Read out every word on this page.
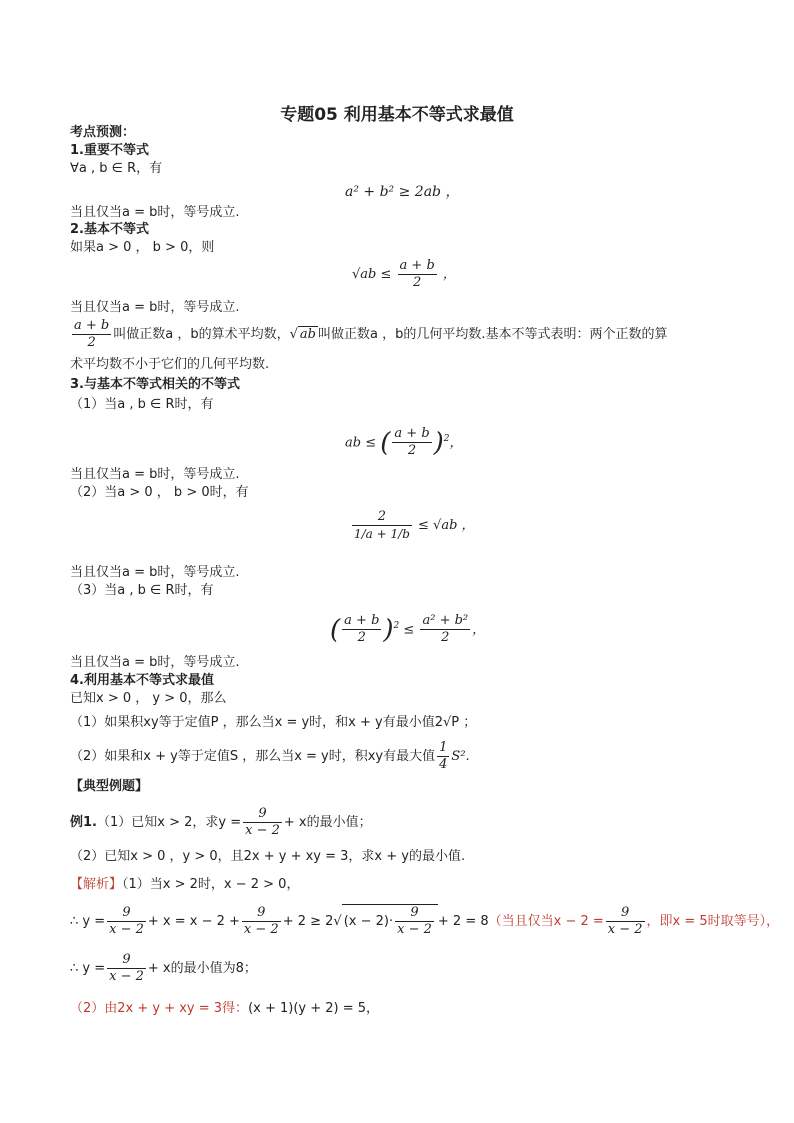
专题05 利用基本不等式求最值
考点预测：
1.重要不等式
∀a , b ∈ R，有
a² + b² ≥ 2ab ，
当且仅当a = b时，等号成立.
2.基本不等式
如果a > 0 ， b > 0，则
$√ab \le \frac{a + b}{2}$ ，
当且仅当a = b时，等号成立.
$\frac{a + b}{2}$ 叫做正数a ，b的算术平均数，√ ab 叫做正数a ，b的几何平均数.基本不等式表明：两个正数的算
术平均数不小于它们的几何平均数.
3.与基本不等式相关的不等式
（1）当a , b ∈ R时，有
ab ≤ ( $\frac{a + b}{2} )^2$，
当且仅当a = b时，等号成立.
（2）当a > 0 ， b > 0时，有
$\frac{2}{1/a + 1/b} \le √ab$ ，
当且仅当a = b时，等号成立.
（3）当a , b ∈ R时，有
( $\frac{a + b}{2} )^2 \le \frac{\text{a² + b²}}{2}$ ，
当且仅当a = b时，等号成立.
4.利用基本不等式求最值
已知x > 0 ， y > 0，那么
（1）如果积xy等于定值P ，那么当x = y时，和x + y有最小值2√P ；
（2）如果和x + y等于定值S ，那么当x = y时，积xy有最大值 $\frac{1}{4} S^2$.
【典型例题】
例1.（1）已知x > 2，求$y = \frac{9}{x - 2} + x$的最小值；
（2）已知x > 0 ，y > 0，且2x + y + xy = 3，求x + y的最小值.
【解析】（1）当x > 2时，x − 2 > 0，
∴ $y = \frac{9}{x - 2} + x = x - 2 + \frac{9}{x - 2} + 2 \ge 2√$ $(x - 2)\cdot \frac{9}{x - 2} + 2 = 8$（当且仅当$x - 2 = \frac{9}{x - 2}$ ，即x = 5时取等号），
∴ $y = \frac{9}{x - 2} + x$的最小值为8；
（2）由2x + y + xy = 3得：(x + 1)(y + 2) = 5，
